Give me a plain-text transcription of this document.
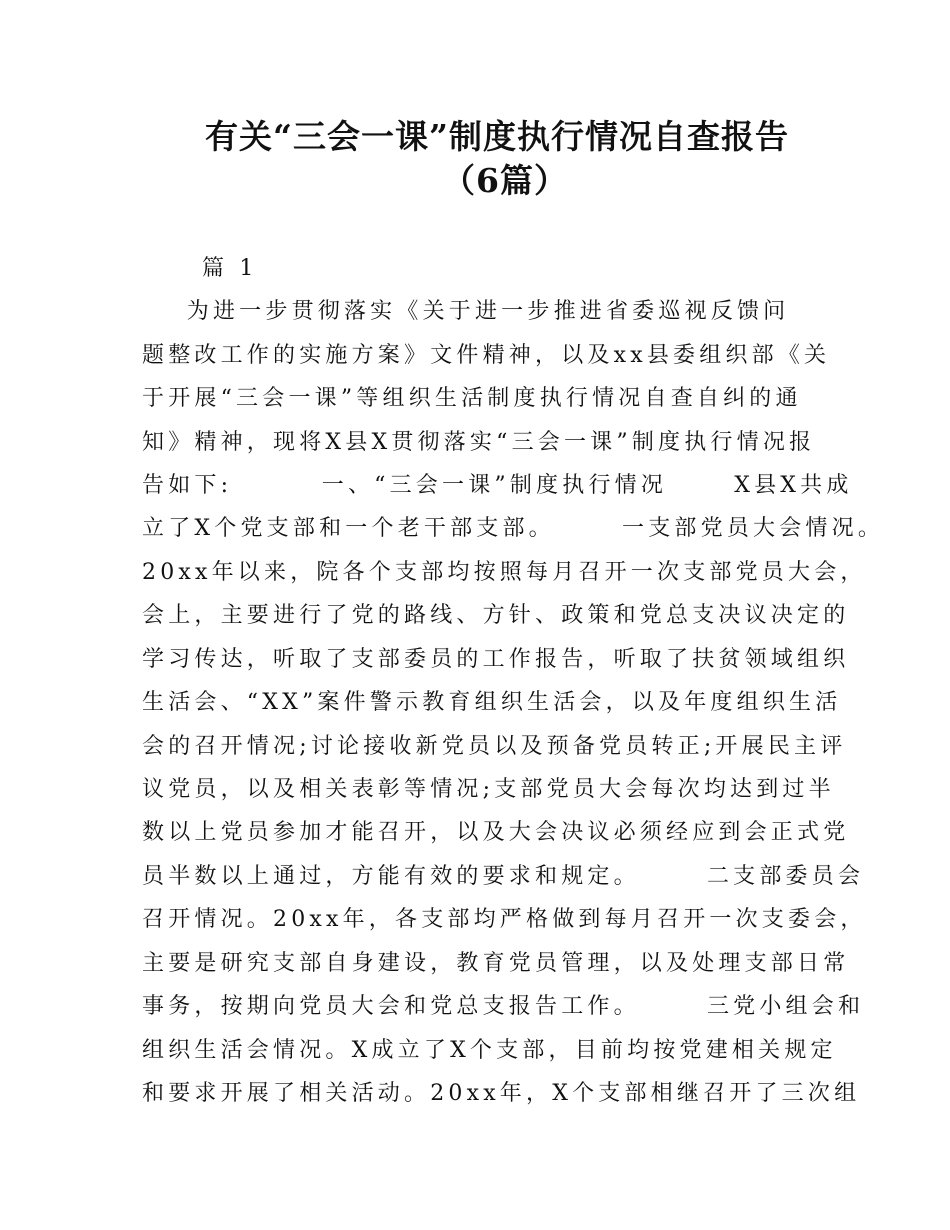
有关“三会一课”制度执行情况自查报告
（6篇）
篇 1
为进一步贯彻落实《关于进一步推进省委巡视反馈问
题整改工作的实施方案》文件精神，以及xx县委组织部《关
于开展“三会一课”等组织生活制度执行情况自查自纠的通
知》精神，现将X县X贯彻落实“三会一课”制度执行情况报
告如下:        一、“三会一课”制度执行情况      X县X共成
立了X个党支部和一个老干部支部。      一支部党员大会情况。
20xx年以来，院各个支部均按照每月召开一次支部党员大会，
会上，主要进行了党的路线、方针、政策和党总支决议决定的
学习传达，听取了支部委员的工作报告，听取了扶贫领域组织
生活会、“XX”案件警示教育组织生活会，以及年度组织生活
会的召开情况;讨论接收新党员以及预备党员转正;开展民主评
议党员，以及相关表彰等情况;支部党员大会每次均达到过半
数以上党员参加才能召开，以及大会决议必须经应到会正式党
员半数以上通过，方能有效的要求和规定。      二支部委员会
召开情况。20xx年，各支部均严格做到每月召开一次支委会，
主要是研究支部自身建设，教育党员管理，以及处理支部日常
事务，按期向党员大会和党总支报告工作。      三党小组会和
组织生活会情况。X成立了X个支部，目前均按党建相关规定
和要求开展了相关活动。20xx年，X个支部相继召开了三次组
